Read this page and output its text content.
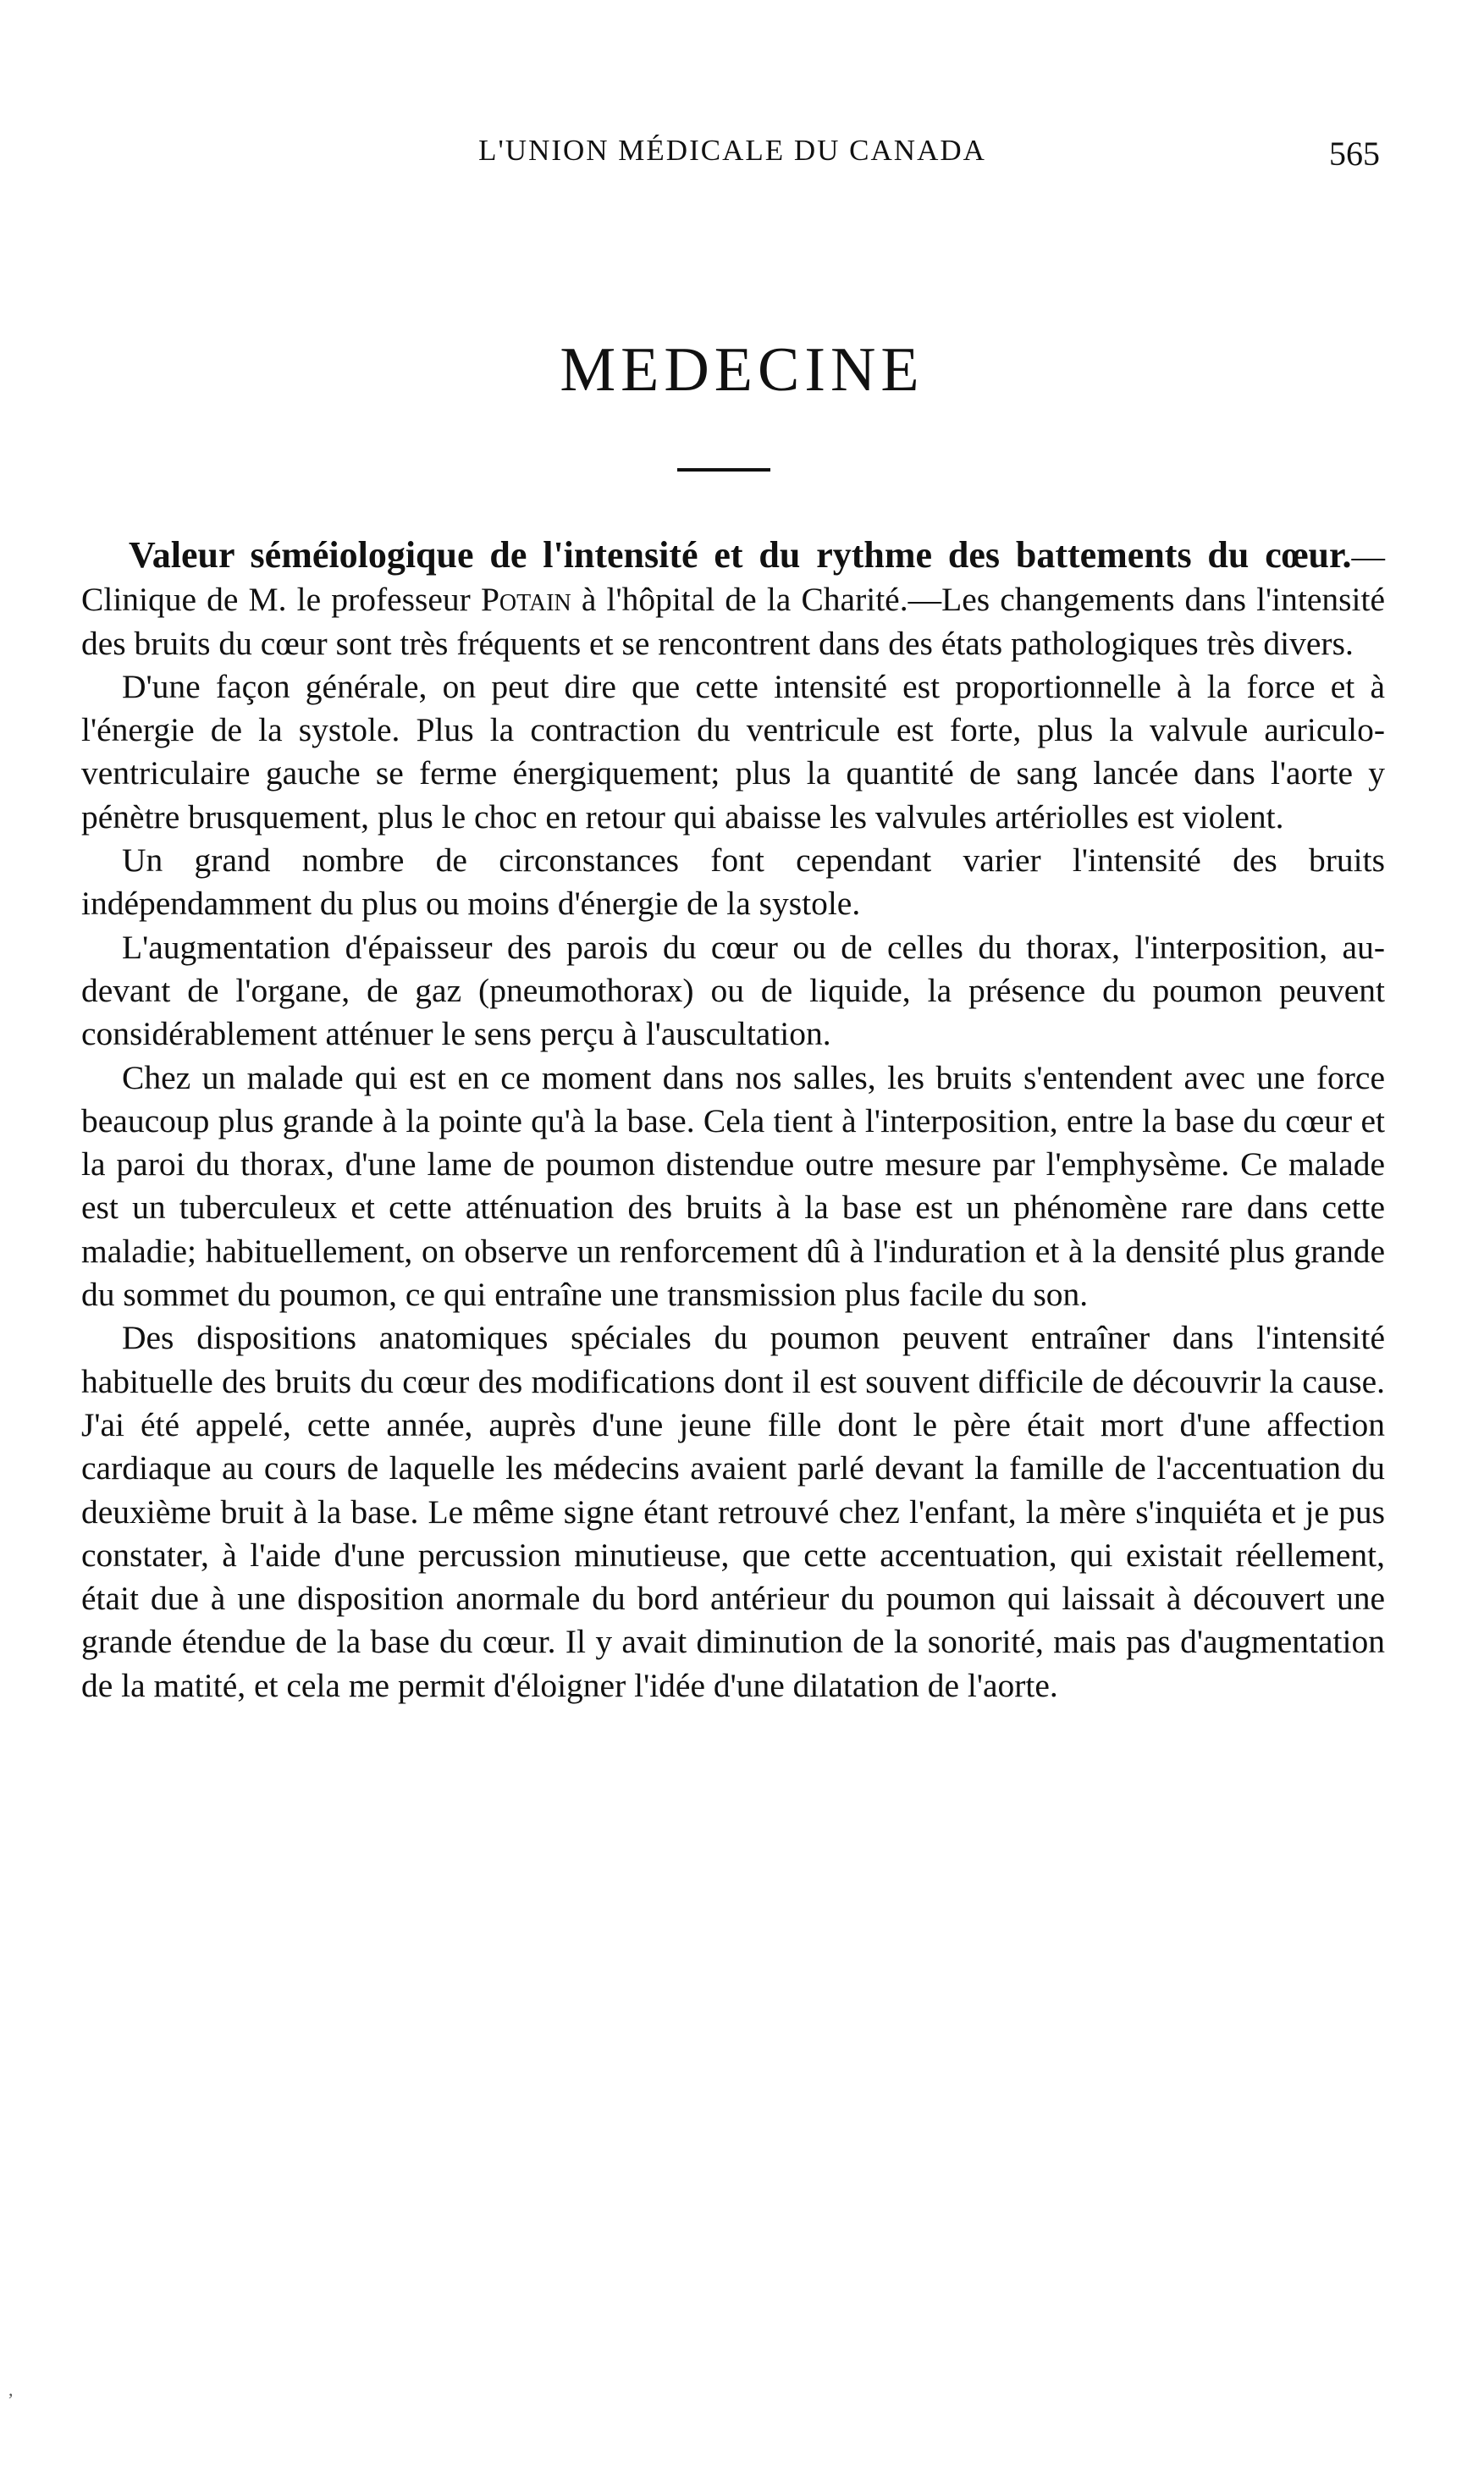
L'UNION MÉDICALE DU CANADA	565
MEDECINE

Valeur séméiologique de l'intensité et du rythme des battements du cœur.—Clinique de M. le professeur Potain à l'hôpital de la Charité.—Les changements dans l'intensité des bruits du cœur sont très fréquents et se rencontrent dans des états pathologiques très divers.

D'une façon générale, on peut dire que cette intensité est proportionnelle à la force et à l'énergie de la systole. Plus la contraction du ventricule est forte, plus la valvule auriculo-ventriculaire gauche se ferme énergiquement; plus la quantité de sang lancée dans l'aorte y pénètre brusquement, plus le choc en retour qui abaisse les valvules artériolles est violent.

Un grand nombre de circonstances font cependant varier l'intensité des bruits indépendamment du plus ou moins d'énergie de la systole.

L'augmentation d'épaisseur des parois du cœur ou de celles du thorax, l'interposition, au-devant de l'organe, de gaz (pneumothorax) ou de liquide, la présence du poumon peuvent considérablement atténuer le sens perçu à l'auscultation.

Chez un malade qui est en ce moment dans nos salles, les bruits s'entendent avec une force beaucoup plus grande à la pointe qu'à la base. Cela tient à l'interposition, entre la base du cœur et la paroi du thorax, d'une lame de poumon distendue outre mesure par l'emphysème. Ce malade est un tuberculeux et cette atténuation des bruits à la base est un phénomène rare dans cette maladie; habituellement, on observe un renforcement dû à l'induration et à la densité plus grande du sommet du poumon, ce qui entraîne une transmission plus facile du son.

Des dispositions anatomiques spéciales du poumon peuvent entraîner dans l'intensité habituelle des bruits du cœur des modifications dont il est souvent difficile de découvrir la cause. J'ai été appelé, cette année, auprès d'une jeune fille dont le père était mort d'une affection cardiaque au cours de laquelle les médecins avaient parlé devant la famille de l'accentuation du deuxième bruit à la base. Le même signe étant retrouvé chez l'enfant, la mère s'inquiéta et je pus constater, à l'aide d'une percussion minutieuse, que cette accentuation, qui existait réellement, était due à une disposition anormale du bord antérieur du poumon qui laissait à découvert une grande étendue de la base du cœur. Il y avait diminution de la sonorité, mais pas d'augmentation de la matité, et cela me permit d'éloigner l'idée d'une dilatation de l'aorte.

,
